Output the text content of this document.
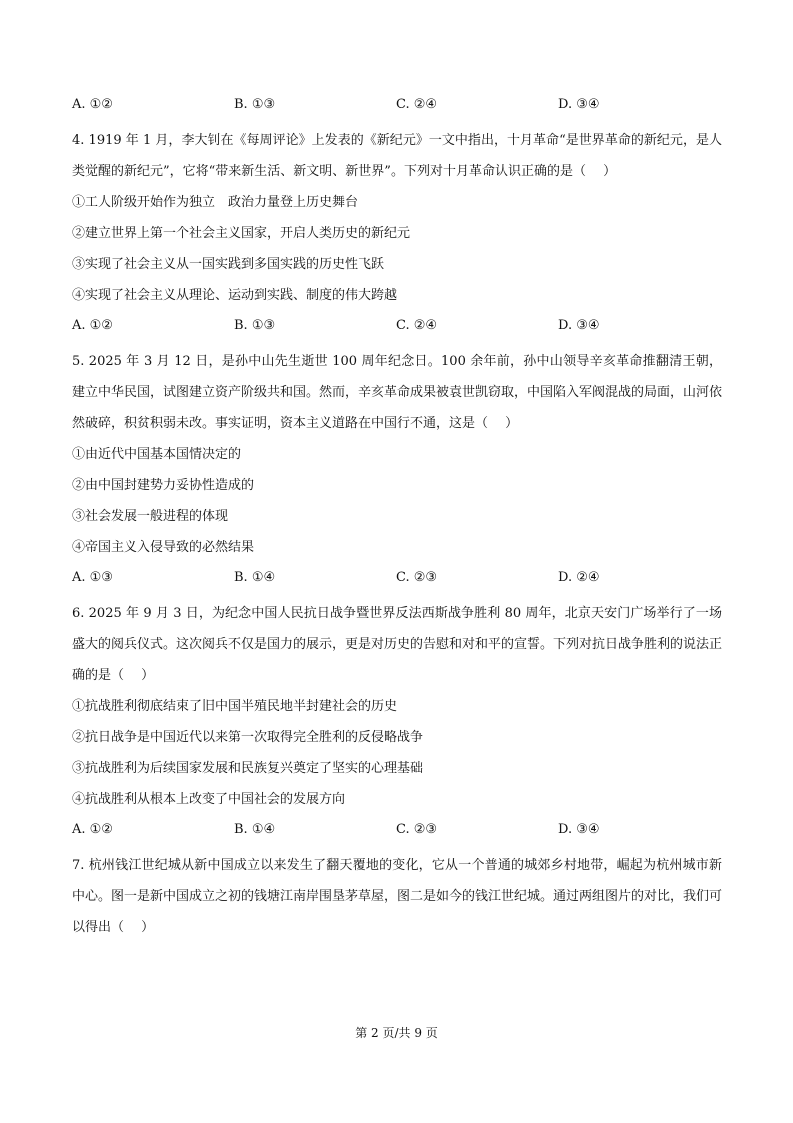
A. ①②	B. ①③	C. ②④	D. ③④
4. 1919 年 1 月，李大钊在《每周评论》上发表的《新纪元》一文中指出，十月革命“是世界革命的新纪元，是人类觉醒的新纪元”，它将“带来新生活、新文明、新世界”。下列对十月革命认识正确的是（　 ）
①工人阶级开始作为独立　政治力量登上历史舞台
②建立世界上第一个社会主义国家，开启人类历史的新纪元
③实现了社会主义从一国实践到多国实践的历史性飞跃
④实现了社会主义从理论、运动到实践、制度的伟大跨越
A. ①②	B. ①③	C. ②④	D. ③④
5. 2025 年 3 月 12 日，是孙中山先生逝世 100 周年纪念日。100 余年前，孙中山领导辛亥革命推翻清王朝，建立中华民国，试图建立资产阶级共和国。然而，辛亥革命成果被袁世凯窃取，中国陷入军阀混战的局面，山河依然破碎，积贫积弱未改。事实证明，资本主义道路在中国行不通，这是（　 ）
①由近代中国基本国情决定的
②由中国封建势力妥协性造成的
③社会发展一般进程的体现
④帝国主义入侵导致的必然结果
A. ①③	B. ①④	C. ②③	D. ②④
6. 2025 年 9 月 3 日，为纪念中国人民抗日战争暨世界反法西斯战争胜利 80 周年，北京天安门广场举行了一场盛大的阅兵仪式。这次阅兵不仅是国力的展示，更是对历史的告慰和对和平的宣誓。下列对抗日战争胜利的说法正确的是（　 ）
①抗战胜利彻底结束了旧中国半殖民地半封建社会的历史
②抗日战争是中国近代以来第一次取得完全胜利的反侵略战争
③抗战胜利为后续国家发展和民族复兴奠定了坚实的心理基础
④抗战胜利从根本上改变了中国社会的发展方向
A. ①②	B. ①④	C. ②③	D. ③④
7. 杭州钱江世纪城从新中国成立以来发生了翻天覆地的变化，它从一个普通的城郊乡村地带，崛起为杭州城市新中心。图一是新中国成立之初的钱塘江南岸围垦茅草屋，图二是如今的钱江世纪城。通过两组图片的对比，我们可以得出（　 ）
第 2 页/共 9 页
